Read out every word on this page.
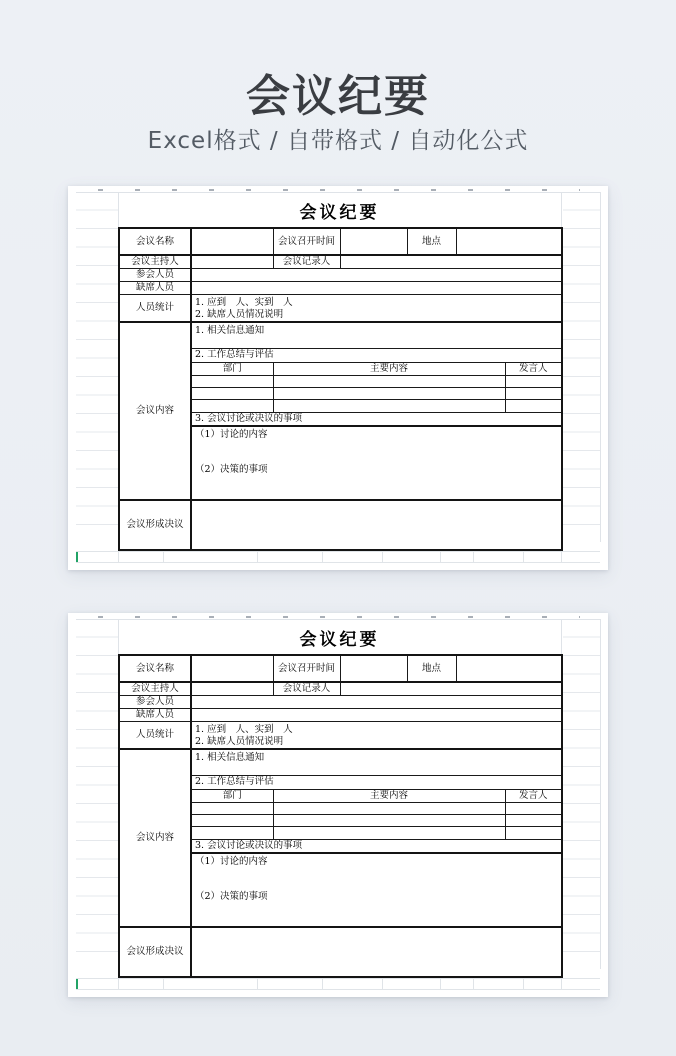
会议纪要
Excel格式 / 自带格式 / 自动化公式
会议纪要
会议名称		会议召开时间		地点		
会议主持人		会议记录人				
参会人员						
缺席人员						
人员统计	1. 应到　人、实到　人
2. 缺席人员情况说明					

会议内容	1. 相关信息通知					
	2. 工作总结与评估					
	部门	主要内容				发言人

	3. 会议讨论或决议的事项					

	（1）讨论的内容
（2）决策的事项					

会议形成决议						
会议纪要
会议名称		会议召开时间		地点		
会议主持人		会议记录人				
参会人员						
缺席人员						
人员统计	1. 应到　人、实到　人
2. 缺席人员情况说明					

会议内容	1. 相关信息通知					
	2. 工作总结与评估					
	部门	主要内容				发言人

	3. 会议讨论或决议的事项					

	（1）讨论的内容
（2）决策的事项					

会议形成决议						
